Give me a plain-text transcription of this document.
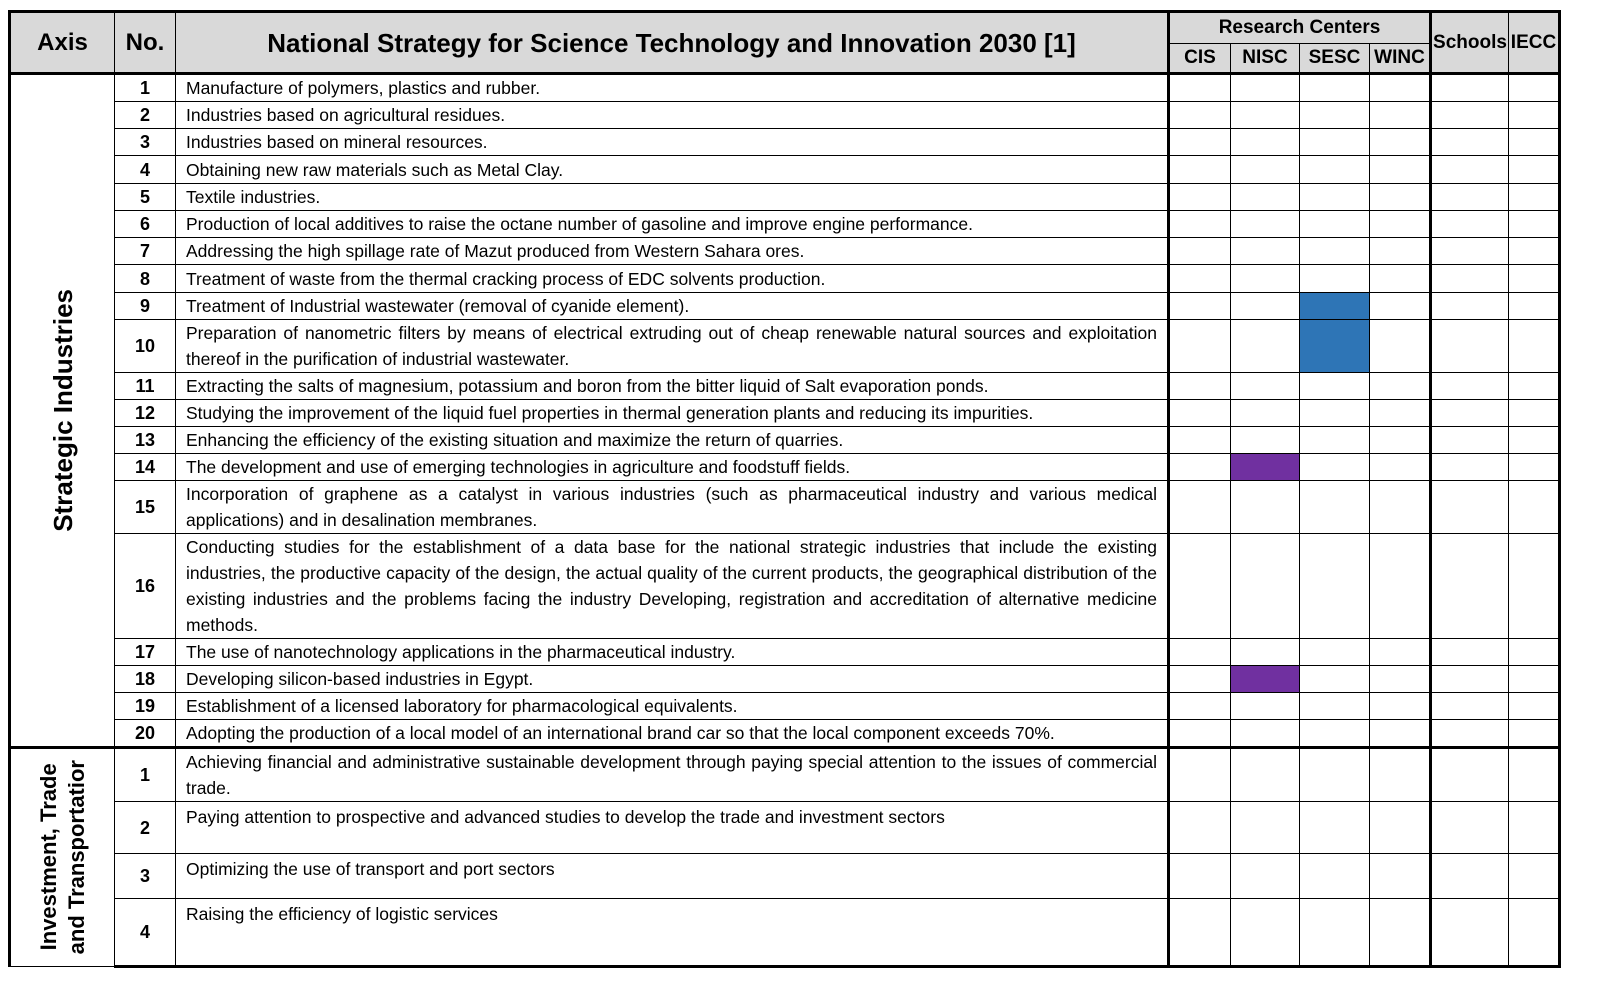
Axis	No.	National Strategy for Science Technology and Innovation 2030 [1]	Research Centers				Schools	IECC
			CIS	NISC	SESC	WINC		

Strategic Industries	1	Manufacture of polymers, plastics and rubber.						
	2	Industries based on agricultural residues.						
	3	Industries based on mineral resources.						
	4	Obtaining new raw materials such as Metal Clay.						
	5	Textile industries.						
	6	Production of local additives to raise the octane number of gasoline and improve engine performance.						
	7	Addressing the high spillage rate of Mazut produced from Western Sahara ores.						
	8	Treatment of waste from the thermal cracking process of EDC solvents production.						
	9	Treatment of Industrial wastewater (removal of cyanide element).						
	10	Preparation of nanometric filters by means of electrical extruding out of cheap renewable natural sources and exploitation thereof in the purification of industrial wastewater.						
	11	Extracting the salts of magnesium, potassium and boron from the bitter liquid of Salt evaporation ponds.						
	12	Studying the improvement of the liquid fuel properties in thermal generation plants and reducing its impurities.						
	13	Enhancing the efficiency of the existing situation and maximize the return of quarries.						
	14	The development and use of emerging technologies in agriculture and foodstuff fields.						
	15	Incorporation of graphene as a catalyst in various industries (such as pharmaceutical industry and various medical applications) and in desalination membranes.						
	16	Conducting studies for the establishment of a data base for the national strategic industries that include the existing industries, the productive capacity of the design, the actual quality of the current products, the geographical distribution of the existing industries and the problems facing the industry Developing, registration and accreditation of alternative medicine methods.						
	17	The use of nanotechnology applications in the pharmaceutical industry.						
	18	Developing silicon-based industries in Egypt.						
	19	Establishment of a licensed laboratory for pharmacological equivalents.						
	20	Adopting the production of a local model of an international brand car so that the local component exceeds 70%.						

Investment, Trade and Transportatior	1	Achieving financial and administrative sustainable development through paying special attention to the issues of commercial trade.						
	2	Paying attention to prospective and advanced studies to develop the trade and investment sectors						
	3	Optimizing the use of transport and port sectors						
	4	Raising the efficiency of logistic services						
